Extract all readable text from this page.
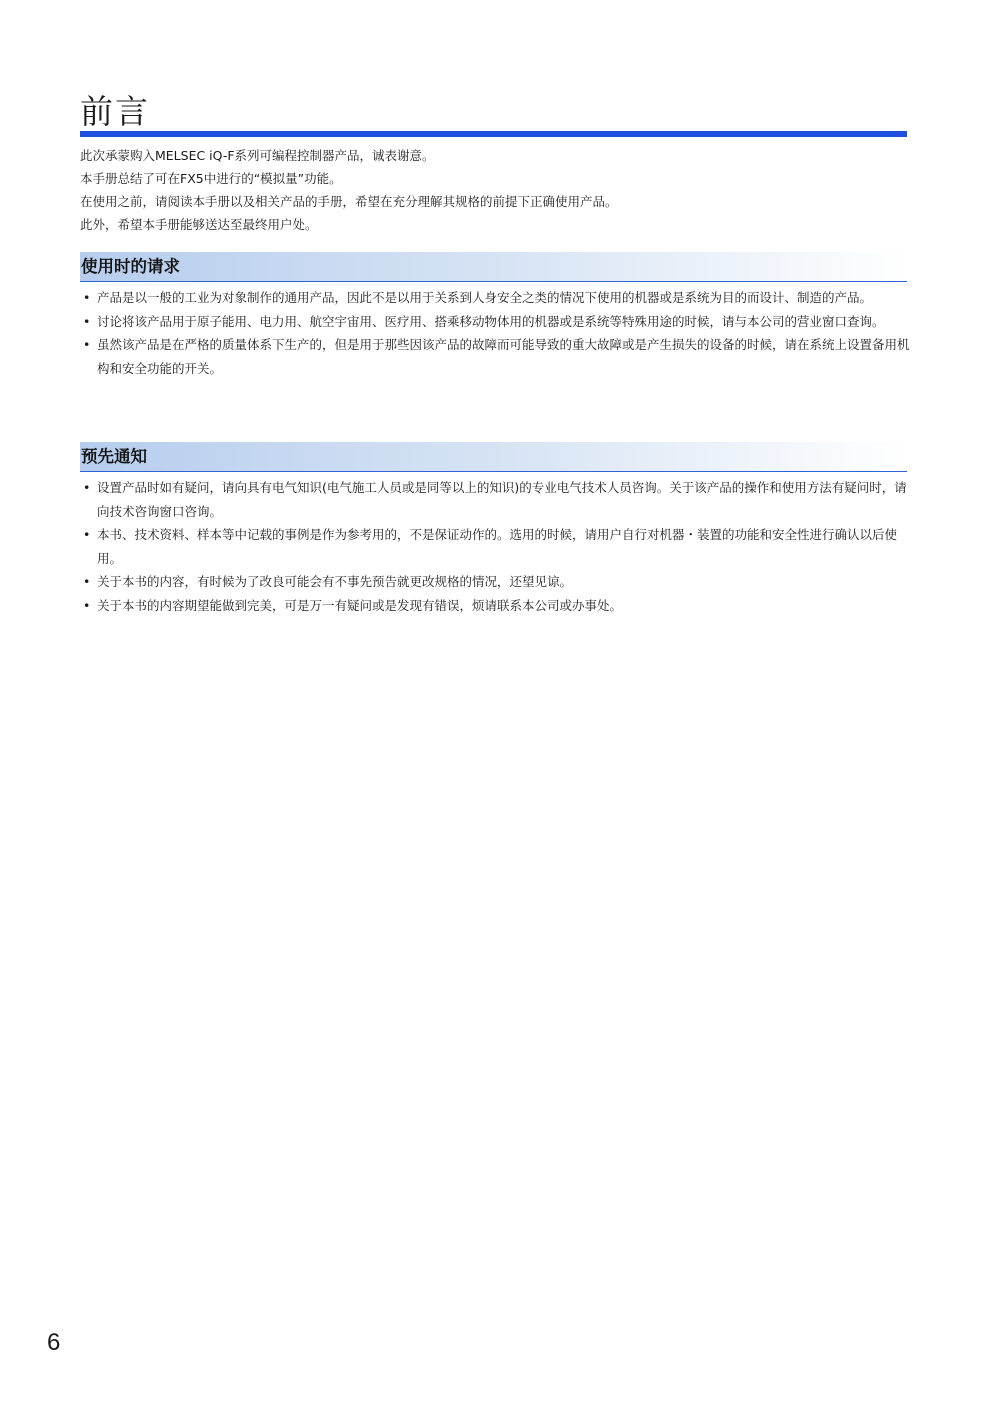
前言

此次承蒙购入MELSEC iQ-F系列可编程控制器产品，诚表谢意。

本手册总结了可在FX5中进行的“模拟量”功能。

在使用之前，请阅读本手册以及相关产品的手册，希望在充分理解其规格的前提下正确使用产品。

此外，希望本手册能够送达至最终用户处。

使用时的请求
• 产品是以一般的工业为对象制作的通用产品，因此不是以用于关系到人身安全之类的情况下使用的机器或是系统为目的而设计、制造的产品。
• 讨论将该产品用于原子能用、电力用、航空宇宙用、医疗用、搭乘移动物体用的机器或是系统等特殊用途的时候，请与本公司的营业窗口查询。
• 虽然该产品是在严格的质量体系下生产的，但是用于那些因该产品的故障而可能导致的重大故障或是产生损失的设备的时候，请在系统上设置备用机构和安全功能的开关。
预先通知
• 设置产品时如有疑问，请向具有电气知识(电气施工人员或是同等以上的知识)的专业电气技术人员咨询。关于该产品的操作和使用方法有疑问时，请向技术咨询窗口咨询。
• 本书、技术资料、样本等中记载的事例是作为参考用的，不是保证动作的。选用的时候，请用户自行对机器・装置的功能和安全性进行确认以后使用。
• 关于本书的内容，有时候为了改良可能会有不事先预告就更改规格的情况，还望见谅。
• 关于本书的内容期望能做到完美，可是万一有疑问或是发现有错误，烦请联系本公司或办事处。
6
